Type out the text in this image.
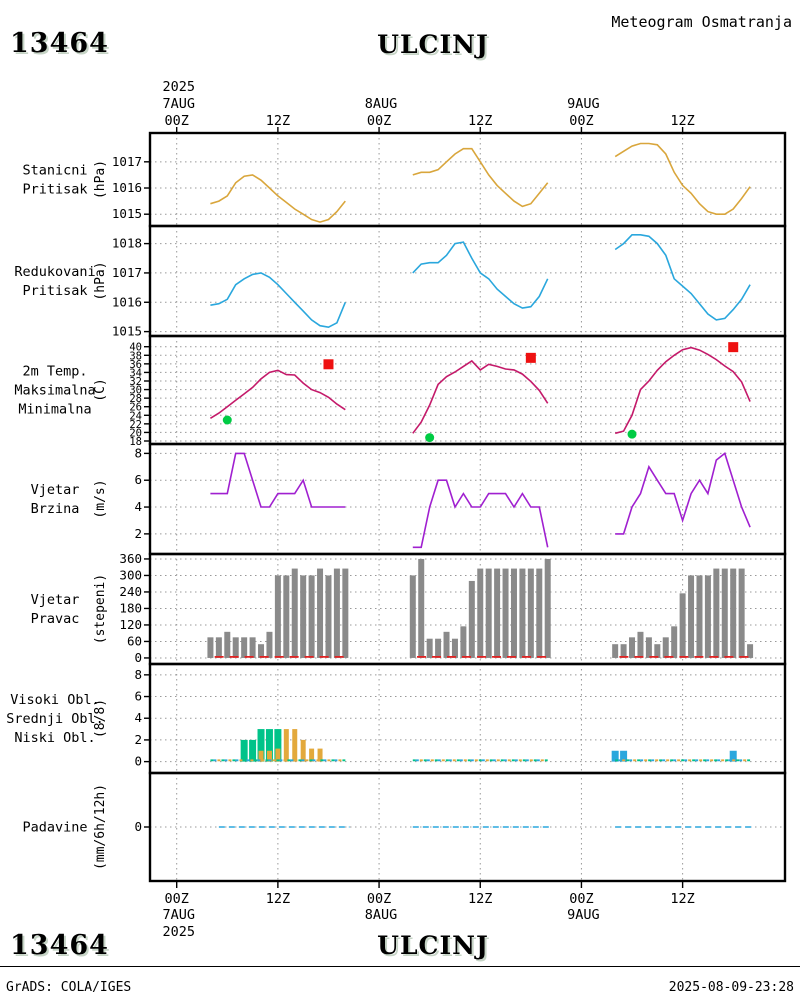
Meteogram Osmatranja
13464	ULCINJ
1017
1016
1015
Stanicni
Pritisak (hPa)
1018
1017
1016
1015
Redukovani
Pritisak (hPa)
40
38
36
34
32
30
28
26
24
22
20
18
2m Temp.
Maksimalna
Minimalna
(C)
8
6
4
2
Vjetar
Brzina (m/s)
360
300
240
180
120
60
0
Vjetar
Pravac (stepeni)
8
6
4
2
0
Visoki Obl.
Srednji Obl.
Niski Obl.
(8/8)
0
Padavine (mm/6h/12h)
00Z
00Z
12Z
12Z
00Z
00Z
12Z
12Z
00Z
00Z
12Z
12Z
7AUG
7AUG
8AUG
8AUG
9AUG
9AUG
2025
2025
13464	ULCINJ
GrADS: COLA/IGES	2025-08-09-23:28
